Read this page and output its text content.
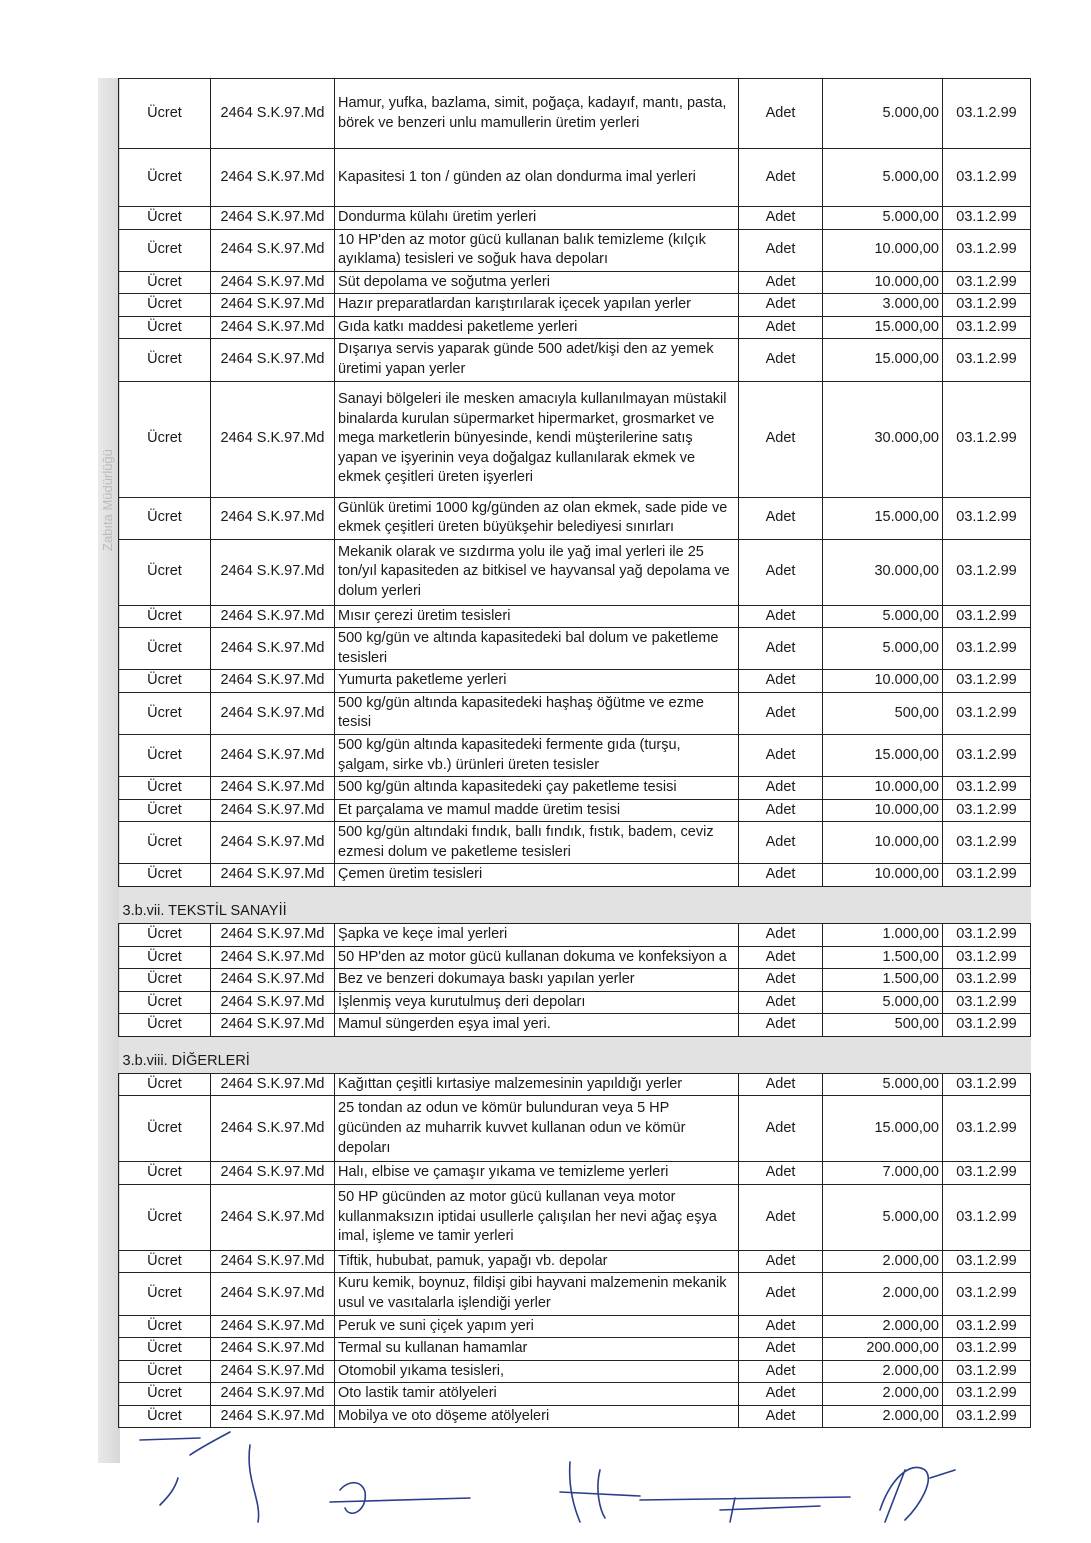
Zabıta Müdürlüğü
Ücret	2464 S.K.97.Md	Hamur, yufka, bazlama, simit, poğaça, kadayıf, mantı, pasta, börek ve benzeri unlu mamullerin üretim yerleri	Adet	5.000,00	03.1.2.99
Ücret	2464 S.K.97.Md	Kapasitesi 1 ton / günden az olan dondurma imal yerleri	Adet	5.000,00	03.1.2.99
Ücret	2464 S.K.97.Md	Dondurma külahı üretim yerleri	Adet	5.000,00	03.1.2.99
Ücret	2464 S.K.97.Md	10 HP'den az motor gücü kullanan balık temizleme (kılçık ayıklama) tesisleri ve soğuk hava depoları	Adet	10.000,00	03.1.2.99
Ücret	2464 S.K.97.Md	Süt depolama ve soğutma yerleri	Adet	10.000,00	03.1.2.99
Ücret	2464 S.K.97.Md	Hazır preparatlardan karıştırılarak içecek yapılan yerler	Adet	3.000,00	03.1.2.99
Ücret	2464 S.K.97.Md	Gıda katkı maddesi paketleme yerleri	Adet	15.000,00	03.1.2.99
Ücret	2464 S.K.97.Md	Dışarıya servis yaparak günde 500 adet/kişi den az yemek üretimi yapan yerler	Adet	15.000,00	03.1.2.99
Ücret	2464 S.K.97.Md	Sanayi bölgeleri ile mesken amacıyla kullanılmayan müstakil binalarda kurulan süpermarket hipermarket, grosmarket ve mega marketlerin bünyesinde, kendi müşterilerine satış yapan ve işyerinin veya doğalgaz kullanılarak ekmek ve ekmek çeşitleri üreten işyerleri	Adet	30.000,00	03.1.2.99
Ücret	2464 S.K.97.Md	Günlük üretimi 1000 kg/günden az olan ekmek, sade pide ve ekmek çeşitleri üreten büyükşehir belediyesi sınırları	Adet	15.000,00	03.1.2.99
Ücret	2464 S.K.97.Md	Mekanik olarak ve sızdırma yolu ile yağ imal yerleri ile 25 ton/yıl kapasiteden az bitkisel ve hayvansal yağ depolama ve dolum yerleri	Adet	30.000,00	03.1.2.99
Ücret	2464 S.K.97.Md	Mısır çerezi üretim tesisleri	Adet	5.000,00	03.1.2.99
Ücret	2464 S.K.97.Md	500 kg/gün ve altında kapasitedeki bal dolum ve paketleme tesisleri	Adet	5.000,00	03.1.2.99
Ücret	2464 S.K.97.Md	Yumurta paketleme yerleri	Adet	10.000,00	03.1.2.99
Ücret	2464 S.K.97.Md	500 kg/gün altında kapasitedeki haşhaş öğütme ve ezme tesisi	Adet	500,00	03.1.2.99
Ücret	2464 S.K.97.Md	500 kg/gün altında kapasitedeki fermente gıda (turşu, şalgam, sirke vb.) ürünleri üreten tesisler	Adet	15.000,00	03.1.2.99
Ücret	2464 S.K.97.Md	500 kg/gün altında kapasitedeki çay paketleme tesisi	Adet	10.000,00	03.1.2.99
Ücret	2464 S.K.97.Md	Et parçalama ve mamul madde üretim tesisi	Adet	10.000,00	03.1.2.99
Ücret	2464 S.K.97.Md	500 kg/gün altındaki fındık, ballı fındık, fıstık, badem, ceviz ezmesi dolum ve paketleme tesisleri	Adet	10.000,00	03.1.2.99
Ücret	2464 S.K.97.Md	Çemen üretim tesisleri	Adet	10.000,00	03.1.2.99
3.b.vii. TEKSTİL SANAYİİ					
Ücret	2464 S.K.97.Md	Şapka ve keçe imal yerleri	Adet	1.000,00	03.1.2.99
Ücret	2464 S.K.97.Md	50 HP'den az motor gücü kullanan dokuma ve konfeksiyon a	Adet	1.500,00	03.1.2.99
Ücret	2464 S.K.97.Md	Bez ve benzeri dokumaya baskı yapılan yerler	Adet	1.500,00	03.1.2.99
Ücret	2464 S.K.97.Md	İşlenmiş veya kurutulmuş deri depoları	Adet	5.000,00	03.1.2.99
Ücret	2464 S.K.97.Md	Mamul süngerden eşya imal yeri.	Adet	500,00	03.1.2.99
3.b.viii. DİĞERLERİ					
Ücret	2464 S.K.97.Md	Kağıttan çeşitli kırtasiye malzemesinin yapıldığı yerler	Adet	5.000,00	03.1.2.99
Ücret	2464 S.K.97.Md	25 tondan az odun ve kömür bulunduran veya 5 HP gücünden az muharrik kuvvet kullanan odun ve kömür depoları	Adet	15.000,00	03.1.2.99
Ücret	2464 S.K.97.Md	Halı, elbise ve çamaşır yıkama ve temizleme yerleri	Adet	7.000,00	03.1.2.99
Ücret	2464 S.K.97.Md	50 HP gücünden az motor gücü kullanan veya motor kullanmaksızın iptidai usullerle çalışılan her nevi ağaç eşya imal, işleme ve tamir yerleri	Adet	5.000,00	03.1.2.99
Ücret	2464 S.K.97.Md	Tiftik, hububat, pamuk, yapağı vb. depolar	Adet	2.000,00	03.1.2.99
Ücret	2464 S.K.97.Md	Kuru kemik, boynuz, fildişi gibi hayvani malzemenin mekanik usul ve vasıtalarla işlendiği yerler	Adet	2.000,00	03.1.2.99
Ücret	2464 S.K.97.Md	Peruk ve suni çiçek yapım yeri	Adet	2.000,00	03.1.2.99
Ücret	2464 S.K.97.Md	Termal su kullanan hamamlar	Adet	200.000,00	03.1.2.99
Ücret	2464 S.K.97.Md	Otomobil yıkama tesisleri,	Adet	2.000,00	03.1.2.99
Ücret	2464 S.K.97.Md	Oto lastik tamir atölyeleri	Adet	2.000,00	03.1.2.99
Ücret	2464 S.K.97.Md	Mobilya ve oto döşeme atölyeleri	Adet	2.000,00	03.1.2.99
